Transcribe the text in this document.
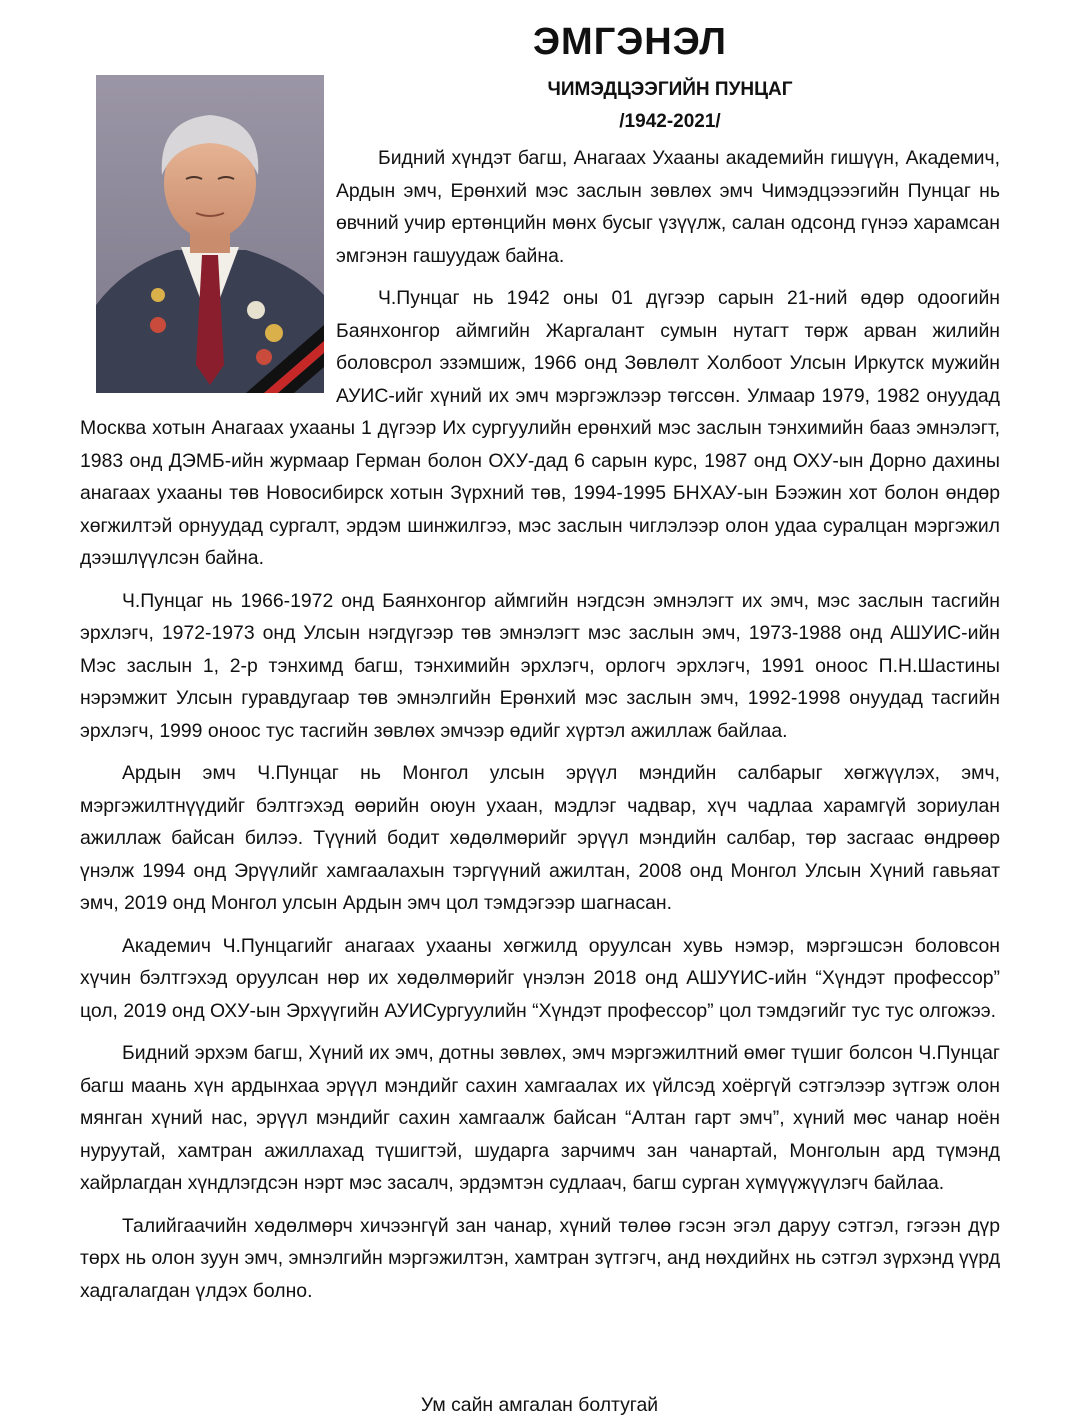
ЭМГЭНЭЛ
ЧИМЭДЦЭЭГИЙН ПУНЦАГ
/1942-2021/

Бидний хүндэт багш, Анагаах Ухааны академийн гишүүн, Академич, Ардын эмч, Ерөнхий мэс заслын зөвлөх эмч Чимэдцэээгийн Пунцаг нь өвчний учир ертөнцийн мөнх бусыг үзүүлж, салан одсонд гүнээ харамсан эмгэнэн гашуудаж байна.

Ч.Пунцаг нь 1942 оны 01 дүгээр сарын 21-ний өдөр одоогийн Баянхонгор аймгийн Жаргалант сумын нутагт төрж арван жилийн боловсрол эзэмшиж, 1966 онд Зөвлөлт Холбоот Улсын Иркутск мужийн АУИС-ийг хүний их эмч мэргэжлээр төгссөн. Улмаар 1979, 1982 онуудад Москва хотын Анагаах ухааны 1 дүгээр Их сургуулийн ерөнхий мэс заслын тэнхимийн бааз эмнэлэгт, 1983 онд ДЭМБ-ийн журмаар Герман болон ОХУ-дад 6 сарын курс, 1987 онд ОХУ-ын Дорно дахины анагаах ухааны төв Новосибирск хотын Зүрхний төв, 1994-1995 БНХАУ-ын Бээжин хот болон өндөр хөгжилтэй орнуудад сургалт, эрдэм шинжилгээ, мэс заслын чиглэлээр олон удаа суралцан мэргэжил дээшлүүлсэн байна.

Ч.Пунцаг нь 1966-1972 онд Баянхонгор аймгийн нэгдсэн эмнэлэгт их эмч, мэс заслын тасгийн эрхлэгч, 1972-1973 онд Улсын нэгдүгээр төв эмнэлэгт мэс заслын эмч, 1973-1988 онд АШУИС-ийн Мэс заслын 1, 2-р тэнхимд багш, тэнхимийн эрхлэгч, орлогч эрхлэгч, 1991 оноос П.Н.Шастины нэрэмжит Улсын гуравдугаар төв эмнэлгийн Ерөнхий мэс заслын эмч, 1992-1998 онуудад тасгийн эрхлэгч, 1999 оноос тус тасгийн зөвлөх эмчээр өдийг хүртэл ажиллаж байлаа.

Ардын эмч Ч.Пунцаг нь Монгол улсын эрүүл мэндийн салбарыг хөгжүүлэх, эмч, мэргэжилтнүүдийг бэлтгэхэд өөрийн оюун ухаан, мэдлэг чадвар, хүч чадлаа харамгүй зориулан ажиллаж байсан билээ. Түүний бодит хөдөлмөрийг эрүүл мэндийн салбар, төр засгаас өндрөөр үнэлж 1994 онд Эрүүлийг хамгаалахын тэргүүний ажилтан, 2008 онд Монгол Улсын Хүний гавьяат эмч, 2019 онд Монгол улсын Ардын эмч цол тэмдэгээр шагнасан.

Академич Ч.Пунцагийг анагаах ухааны хөгжилд оруулсан хувь нэмэр, мэргэшсэн боловсон хүчин бэлтгэхэд оруулсан нөр их хөдөлмөрийг үнэлэн 2018 онд АШУҮИС-ийн “Хүндэт профессор” цол, 2019 онд ОХУ-ын Эрхүүгийн АУИСургуулийн “Хүндэт профессор” цол тэмдэгийг тус тус олгожээ.

Бидний эрхэм багш, Хүний их эмч, дотны зөвлөх, эмч мэргэжилтний өмөг түшиг болсон Ч.Пунцаг багш маань хүн ардынхаа эрүүл мэндийг сахин хамгаалах их үйлсэд хоёргүй сэтгэлээр зүтгэж олон мянган хүний нас, эрүүл мэндийг сахин хамгаалж байсан “Алтан гарт эмч”, хүний мөс чанар ноён нуруутай, хамтран ажиллахад түшигтэй, шударга зарчимч зан чанартай, Монголын ард түмэнд хайрлагдан хүндлэгдсэн нэрт мэс засалч, эрдэмтэн судлаач, багш сурган хүмүүжүүлэгч байлаа.

Талийгаачийн хөдөлмөрч хичээнгүй зан чанар, хүний төлөө гэсэн эгэл даруу сэтгэл, гэгээн дүр төрх нь олон зуун эмч, эмнэлгийн мэргэжилтэн, хамтран зүтгэгч, анд нөхдийнх нь сэтгэл зүрхэнд үүрд хадгалагдан үлдэх болно.

Ум сайн амгалан болтугай
